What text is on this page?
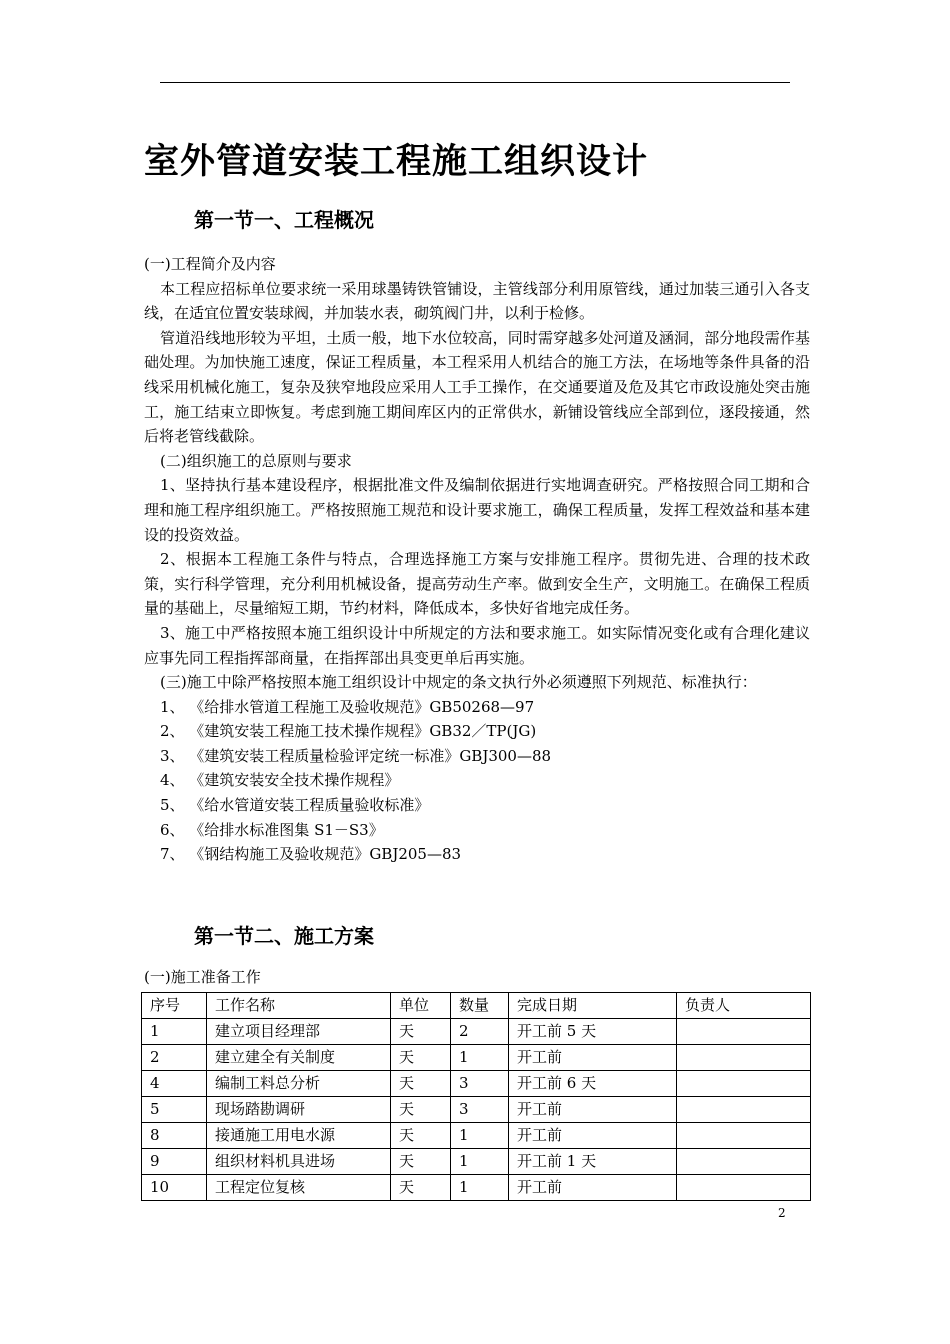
室外管道安装工程施工组织设计
第一节一、工程概况

(一)工程简介及内容

本工程应招标单位要求统一采用球墨铸铁管铺设，主管线部分利用原管线，通过加装三通引入各支线，在适宜位置安装球阀，并加装水表，砌筑阀门井，以利于检修。

管道沿线地形较为平坦，土质一般，地下水位较高，同时需穿越多处河道及涵洞，部分地段需作基础处理。为加快施工速度，保证工程质量，本工程采用人机结合的施工方法，在场地等条件具备的沿线采用机械化施工，复杂及狭窄地段应采用人工手工操作，在交通要道及危及其它市政设施处突击施工，施工结束立即恢复。考虑到施工期间库区内的正常供水，新铺设管线应全部到位，逐段接通，然后将老管线截除。

(二)组织施工的总原则与要求

1、坚持执行基本建设程序，根据批准文件及编制依据进行实地调查研究。严格按照合同工期和合理和施工程序组织施工。严格按照施工规范和设计要求施工，确保工程质量，发挥工程效益和基本建设的投资效益。

2、根据本工程施工条件与特点，合理选择施工方案与安排施工程序。贯彻先进、合理的技术政策，实行科学管理，充分利用机械设备，提高劳动生产率。做到安全生产，文明施工。在确保工程质量的基础上，尽量缩短工期，节约材料，降低成本，多快好省地完成任务。

3、施工中严格按照本施工组织设计中所规定的方法和要求施工。如实际情况变化或有合理化建议应事先同工程指挥部商量，在指挥部出具变更单后再实施。

(三)施工中除严格按照本施工组织设计中规定的条文执行外必须遵照下列规范、标准执行：

1、 《给排水管道工程施工及验收规范》GB50268—97

2、 《建筑安装工程施工技术操作规程》GB32／TP(JG)

3、 《建筑安装工程质量检验评定统一标准》GBJ300—88

4、 《建筑安装安全技术操作规程》

5、 《给水管道安装工程质量验收标准》

6、 《给排水标准图集 S1－S3》

7、 《钢结构施工及验收规范》GBJ205—83

第一节二、施工方案
(一)施工准备工作
序号	工作名称	单位	数量	完成日期	负责人
1	建立项目经理部	天	2	开工前 5 天	
2	建立建全有关制度	天	1	开工前	
4	编制工料总分析	天	3	开工前 6 天	
5	现场踏勘调研	天	3	开工前	
8	接通施工用电水源	天	1	开工前	
9	组织材料机具进场	天	1	开工前 1 天	
10	工程定位复核	天	1	开工前	
2
